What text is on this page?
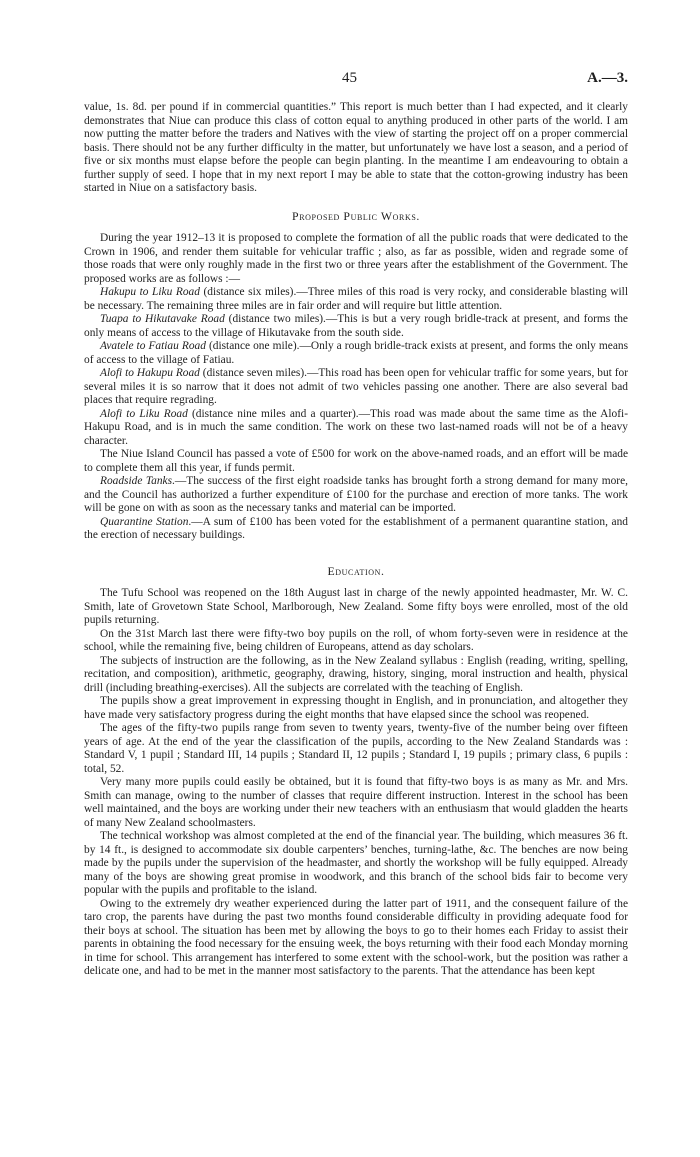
45	A.—3.

value, 1s. 8d. per pound if in commercial quantities.” This report is much better than I had expected, and it clearly demonstrates that Niue can produce this class of cotton equal to anything produced in other parts of the world. I am now putting the matter before the traders and Natives with the view of starting the project off on a proper commercial basis. There should not be any further difficulty in the matter, but unfortunately we have lost a season, and a period of five or six months must elapse before the people can begin planting. In the meantime I am endeavouring to obtain a further supply of seed. I hope that in my next report I may be able to state that the cotton-growing industry has been started in Niue on a satisfactory basis.

Proposed Public Works.

During the year 1912–13 it is proposed to complete the formation of all the public roads that were dedicated to the Crown in 1906, and render them suitable for vehicular traffic ; also, as far as possible, widen and regrade some of those roads that were only roughly made in the first two or three years after the establishment of the Government. The proposed works are as follows :—

Hakupu to Liku Road (distance six miles).—Three miles of this road is very rocky, and considerable blasting will be necessary. The remaining three miles are in fair order and will require but little attention.

Tuapa to Hikutavake Road (distance two miles).—This is but a very rough bridle-track at present, and forms the only means of access to the village of Hikutavake from the south side.

Avatele to Fatiau Road (distance one mile).—Only a rough bridle-track exists at present, and forms the only means of access to the village of Fatiau.

Alofi to Hakupu Road (distance seven miles).—This road has been open for vehicular traffic for some years, but for several miles it is so narrow that it does not admit of two vehicles passing one another. There are also several bad places that require regrading.

Alofi to Liku Road (distance nine miles and a quarter).—This road was made about the same time as the Alofi-Hakupu Road, and is in much the same condition. The work on these two last-named roads will not be of a heavy character.

The Niue Island Council has passed a vote of £500 for work on the above-named roads, and an effort will be made to complete them all this year, if funds permit.

Roadside Tanks.—The success of the first eight roadside tanks has brought forth a strong demand for many more, and the Council has authorized a further expenditure of £100 for the purchase and erection of more tanks. The work will be gone on with as soon as the necessary tanks and material can be imported.

Quarantine Station.—A sum of £100 has been voted for the establishment of a permanent quarantine station, and the erection of necessary buildings.

Education.

The Tufu School was reopened on the 18th August last in charge of the newly appointed headmaster, Mr. W. C. Smith, late of Grovetown State School, Marlborough, New Zealand. Some fifty boys were enrolled, most of the old pupils returning.

On the 31st March last there were fifty-two boy pupils on the roll, of whom forty-seven were in residence at the school, while the remaining five, being children of Europeans, attend as day scholars.

The subjects of instruction are the following, as in the New Zealand syllabus : English (reading, writing, spelling, recitation, and composition), arithmetic, geography, drawing, history, singing, moral instruction and health, physical drill (including breathing-exercises). All the subjects are correlated with the teaching of English.

The pupils show a great improvement in expressing thought in English, and in pronunciation, and altogether they have made very satisfactory progress during the eight months that have elapsed since the school was reopened.

The ages of the fifty-two pupils range from seven to twenty years, twenty-five of the number being over fifteen years of age. At the end of the year the classification of the pupils, according to the New Zealand Standards was : Standard V, 1 pupil ; Standard III, 14 pupils ; Standard II, 12 pupils ; Standard I, 19 pupils ; primary class, 6 pupils : total, 52.

Very many more pupils could easily be obtained, but it is found that fifty-two boys is as many as Mr. and Mrs. Smith can manage, owing to the number of classes that require different instruction. Interest in the school has been well maintained, and the boys are working under their new teachers with an enthusiasm that would gladden the hearts of many New Zealand schoolmasters.

The technical workshop was almost completed at the end of the financial year. The building, which measures 36 ft. by 14 ft., is designed to accommodate six double carpenters’ benches, turning-lathe, &c. The benches are now being made by the pupils under the supervision of the headmaster, and shortly the workshop will be fully equipped. Already many of the boys are showing great promise in woodwork, and this branch of the school bids fair to become very popular with the pupils and profitable to the island.

Owing to the extremely dry weather experienced during the latter part of 1911, and the consequent failure of the taro crop, the parents have during the past two months found considerable difficulty in providing adequate food for their boys at school. The situation has been met by allowing the boys to go to their homes each Friday to assist their parents in obtaining the food necessary for the ensuing week, the boys returning with their food each Monday morning in time for school. This arrangement has interfered to some extent with the school-work, but the position was rather a delicate one, and had to be met in the manner most satisfactory to the parents. That the attendance has been kept
